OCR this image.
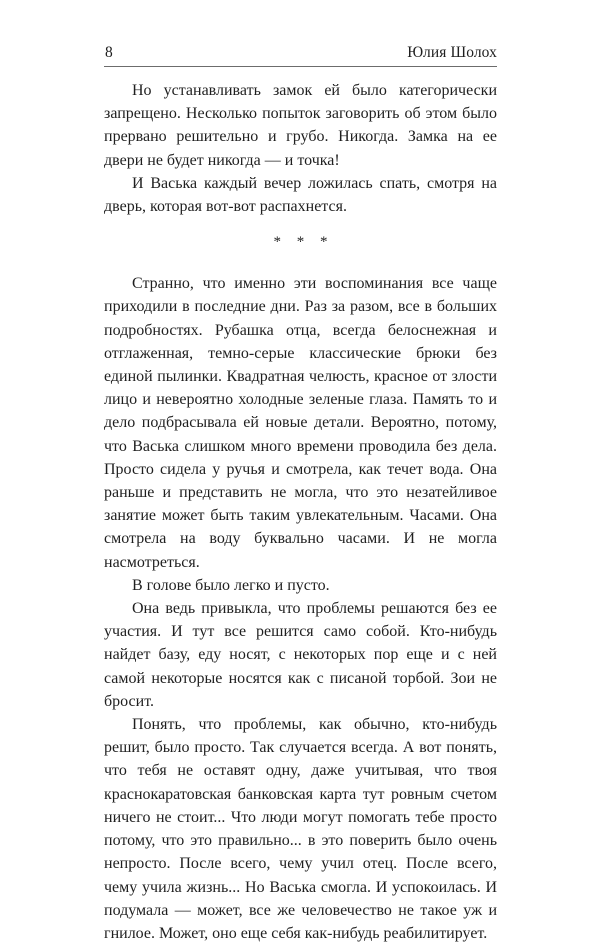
8	Юлия Шолох

Но устанавливать замок ей было категорически запрещено. Несколько попыток заговорить об этом было прервано решительно и грубо. Никогда. Замка на ее двери не будет никогда — и точка!

И Васька каждый вечер ложилась спать, смотря на дверь, которая вот-вот распахнется.

* * *

Странно, что именно эти воспоминания все чаще приходили в последние дни. Раз за разом, все в больших подробностях. Рубашка отца, всегда белоснежная и отглаженная, темно-серые классические брюки без единой пылинки. Квадратная челюсть, красное от злости лицо и невероятно холодные зеленые глаза. Память то и дело подбрасывала ей новые детали. Вероятно, потому, что Васька слишком много времени проводила без дела. Просто сидела у ручья и смотрела, как течет вода. Она раньше и представить не могла, что это незатейливое занятие может быть таким увлекательным. Часами. Она смотрела на воду буквально часами. И не могла насмотреться.

В голове было легко и пусто.

Она ведь привыкла, что проблемы решаются без ее участия. И тут все решится само собой. Кто-нибудь найдет базу, еду носят, с некоторых пор еще и с ней самой некоторые носятся как с писаной торбой. Зои не бросит.

Понять, что проблемы, как обычно, кто-нибудь решит, было просто. Так случается всегда. А вот понять, что тебя не оставят одну, даже учитывая, что твоя краснокаратовская банковская карта тут ровным счетом ничего не стоит... Что люди могут помогать тебе просто потому, что это правильно... в это поверить было очень непросто. После всего, чему учил отец. После всего, чему учила жизнь... Но Васька смогла. И успокоилась. И подумала — может, все же человечество не такое уж и гнилое. Может, оно еще себя как-нибудь реабилитирует.
